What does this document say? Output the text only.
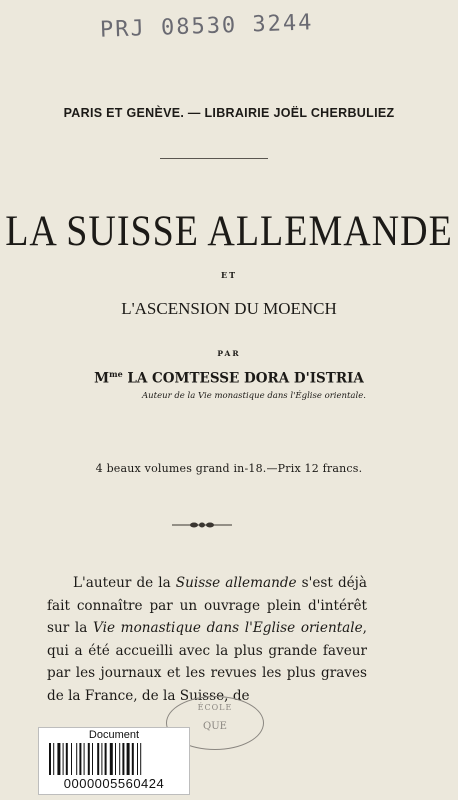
PRJ 08530 3244
PARIS ET GENÈVE. — LIBRAIRIE JOËL CHERBULIEZ
LA SUISSE ALLEMANDE
ET
L'ASCENSION DU MOENCH
PAR
$M^{me}$ LA COMTESSE DORA D'ISTRIA
Auteur de la Vie monastique dans l'Église orientale.
4 beaux volumes grand in-18.—Prix 12 francs.
L'auteur de la Suisse allemande s'est déjà fait connaître par un ouvrage plein d'intérêt sur la Vie monastique dans l'Eglise orientale, qui a été accueilli avec la plus grande faveur par les journaux et les revues les plus graves de la France, de la Suisse, de
ÉCOLE
QUE
Document
0000005560424
